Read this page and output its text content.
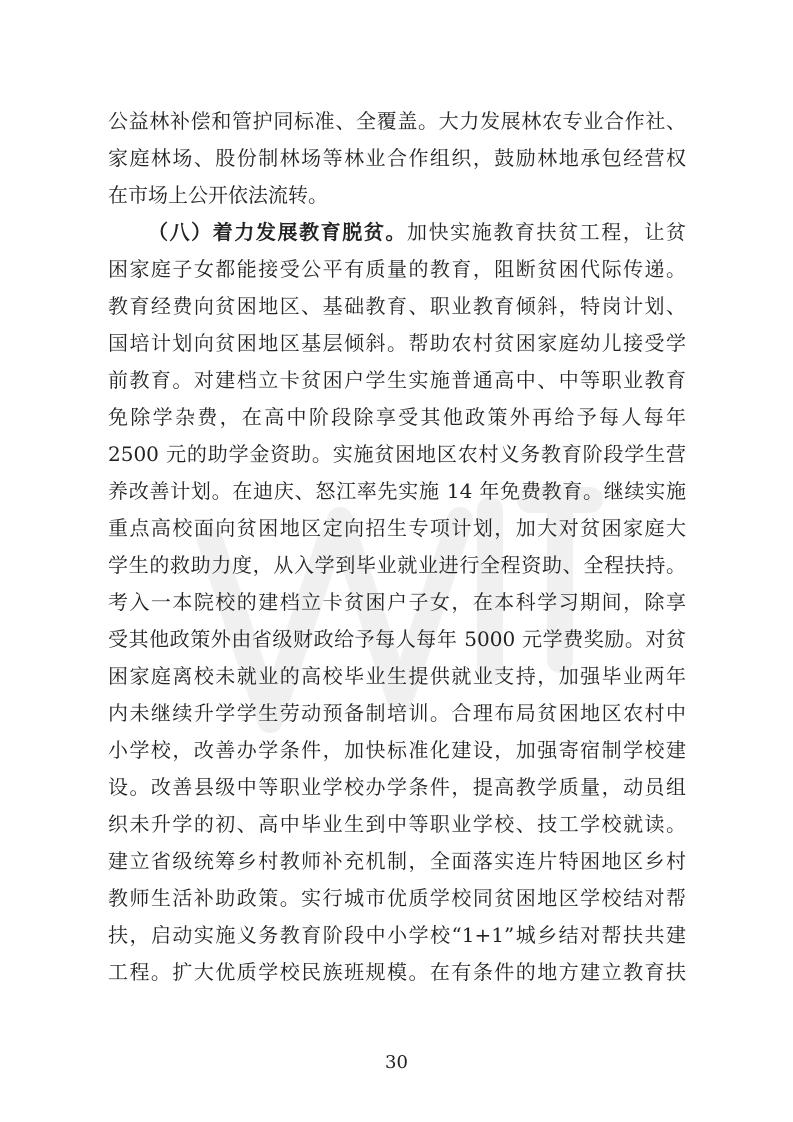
公益林补偿和管护同标准、全覆盖。大力发展林农专业合作社、
家庭林场、股份制林场等林业合作组织，鼓励林地承包经营权
在市场上公开依法流转。
（八）着力发展教育脱贫。加快实施教育扶贫工程，让贫
困家庭子女都能接受公平有质量的教育，阻断贫困代际传递。
教育经费向贫困地区、基础教育、职业教育倾斜，特岗计划、
国培计划向贫困地区基层倾斜。帮助农村贫困家庭幼儿接受学
前教育。对建档立卡贫困户学生实施普通高中、中等职业教育
免除学杂费，在高中阶段除享受其他政策外再给予每人每年
2500 元的助学金资助。实施贫困地区农村义务教育阶段学生营
养改善计划。在迪庆、怒江率先实施 14 年免费教育。继续实施
重点高校面向贫困地区定向招生专项计划，加大对贫困家庭大
学生的救助力度，从入学到毕业就业进行全程资助、全程扶持。
考入一本院校的建档立卡贫困户子女，在本科学习期间，除享
受其他政策外由省级财政给予每人每年 5000 元学费奖励。对贫
困家庭离校未就业的高校毕业生提供就业支持，加强毕业两年
内未继续升学学生劳动预备制培训。合理布局贫困地区农村中
小学校，改善办学条件，加快标准化建设，加强寄宿制学校建
设。改善县级中等职业学校办学条件，提高教学质量，动员组
织未升学的初、高中毕业生到中等职业学校、技工学校就读。
建立省级统筹乡村教师补充机制，全面落实连片特困地区乡村
教师生活补助政策。实行城市优质学校同贫困地区学校结对帮
扶，启动实施义务教育阶段中小学校“1+1”城乡结对帮扶共建
工程。扩大优质学校民族班规模。在有条件的地方建立教育扶
30
